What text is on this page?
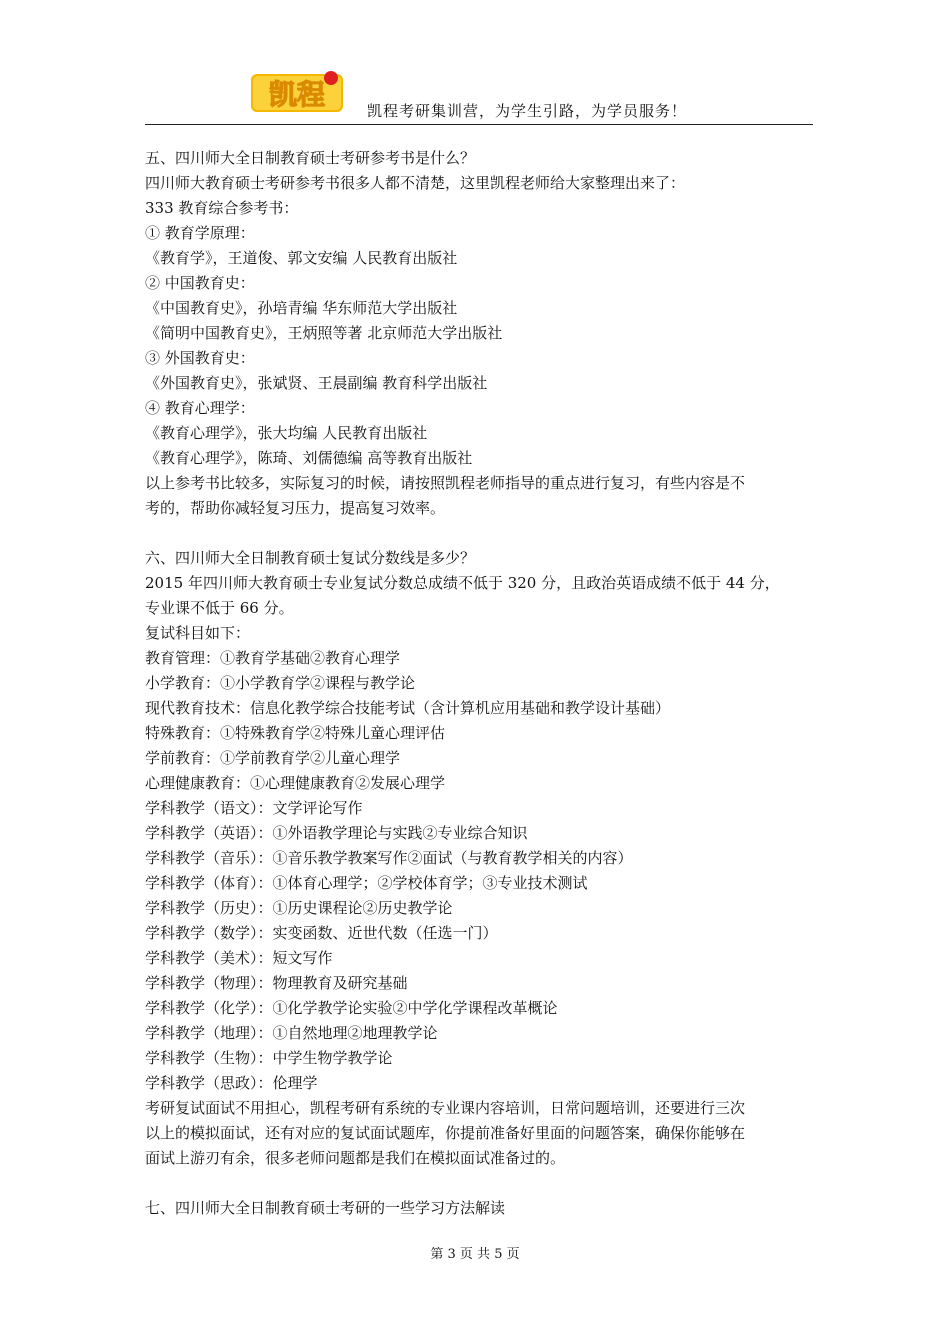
凯程	凯程考研集训营，为学生引路，为学员服务！
五、四川师大全日制教育硕士考研参考书是什么？
四川师大教育硕士考研参考书很多人都不清楚，这里凯程老师给大家整理出来了：
333 教育综合参考书：
① 教育学原理：
《教育学》，王道俊、郭文安编 人民教育出版社
② 中国教育史：
《中国教育史》，孙培青编 华东师范大学出版社
《简明中国教育史》，王炳照等著 北京师范大学出版社
③ 外国教育史：
《外国教育史》，张斌贤、王晨副编 教育科学出版社
④ 教育心理学：
《教育心理学》，张大均编 人民教育出版社
《教育心理学》，陈琦、刘儒德编 高等教育出版社
以上参考书比较多，实际复习的时候，请按照凯程老师指导的重点进行复习，有些内容是不
考的，帮助你减轻复习压力，提高复习效率。
六、四川师大全日制教育硕士复试分数线是多少？
2015 年四川师大教育硕士专业复试分数总成绩不低于 320 分，且政治英语成绩不低于 44 分，
专业课不低于 66 分。
复试科目如下：
教育管理：①教育学基础②教育心理学
小学教育：①小学教育学②课程与教学论
现代教育技术：信息化教学综合技能考试（含计算机应用基础和教学设计基础）
特殊教育：①特殊教育学②特殊儿童心理评估
学前教育：①学前教育学②儿童心理学
心理健康教育：①心理健康教育②发展心理学
学科教学（语文）：文学评论写作
学科教学（英语）：①外语教学理论与实践②专业综合知识
学科教学（音乐）：①音乐教学教案写作②面试（与教育教学相关的内容）
学科教学（体育）：①体育心理学；②学校体育学；③专业技术测试
学科教学（历史）：①历史课程论②历史教学论
学科教学（数学）：实变函数、近世代数（任选一门）
学科教学（美术）：短文写作
学科教学（物理）：物理教育及研究基础
学科教学（化学）：①化学教学论实验②中学化学课程改革概论
学科教学（地理）：①自然地理②地理教学论
学科教学（生物）：中学生物学教学论
学科教学（思政）：伦理学
考研复试面试不用担心，凯程考研有系统的专业课内容培训，日常问题培训，还要进行三次
以上的模拟面试，还有对应的复试面试题库，你提前准备好里面的问题答案，确保你能够在
面试上游刃有余，很多老师问题都是我们在模拟面试准备过的。
七、四川师大全日制教育硕士考研的一些学习方法解读
第 3 页 共 5 页
